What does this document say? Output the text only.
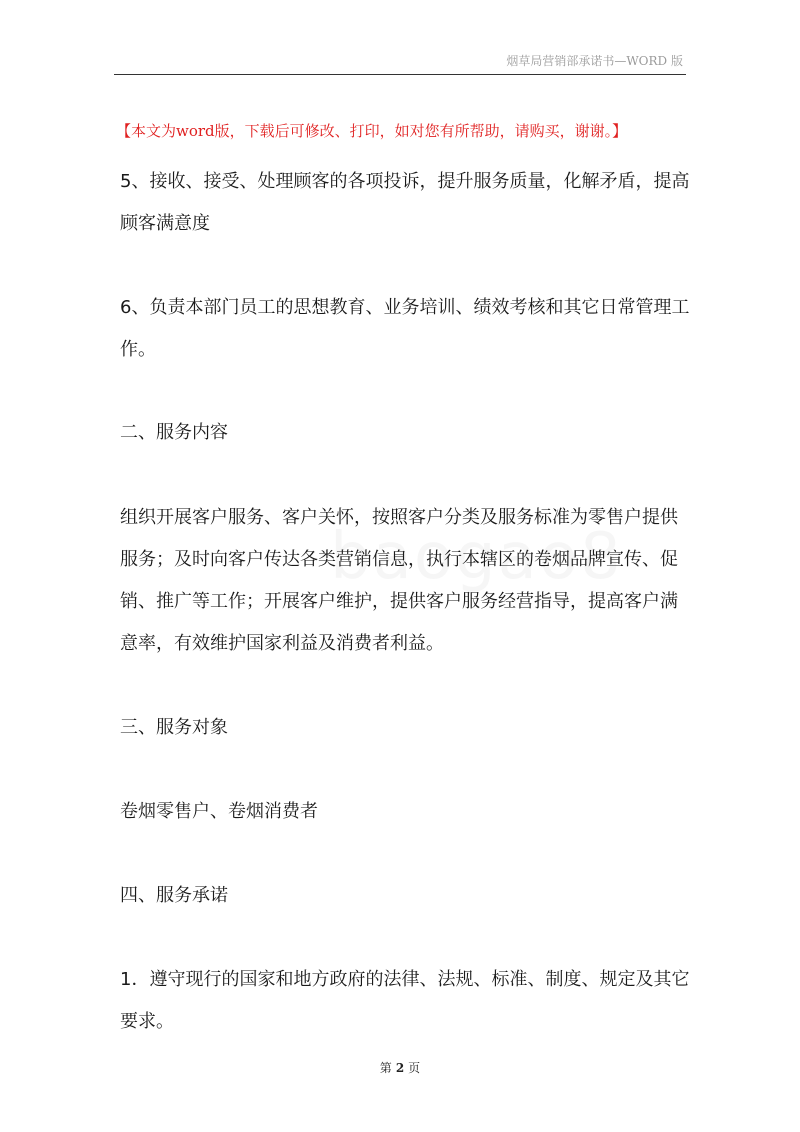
烟草局营销部承诺书—WORD 版
【本文为word版，下载后可修改、打印，如对您有所帮助，请购买，谢谢。】

5、接收、接受、处理顾客的各项投诉，提升服务质量，化解矛盾，提高顾客满意度

6、负责本部门员工的思想教育、业务培训、绩效考核和其它日常管理工作。

二、服务内容

组织开展客户服务、客户关怀，按照客户分类及服务标准为零售户提供服务；及时向客户传达各类营销信息，执行本辖区的卷烟品牌宣传、促销、推广等工作；开展客户维护，提供客户服务经营指导，提高客户满意率，有效维护国家利益及消费者利益。

三、服务对象

卷烟零售户、卷烟消费者

四、服务承诺

1．遵守现行的国家和地方政府的法律、法规、标准、制度、规定及其它要求。

第 2 页
